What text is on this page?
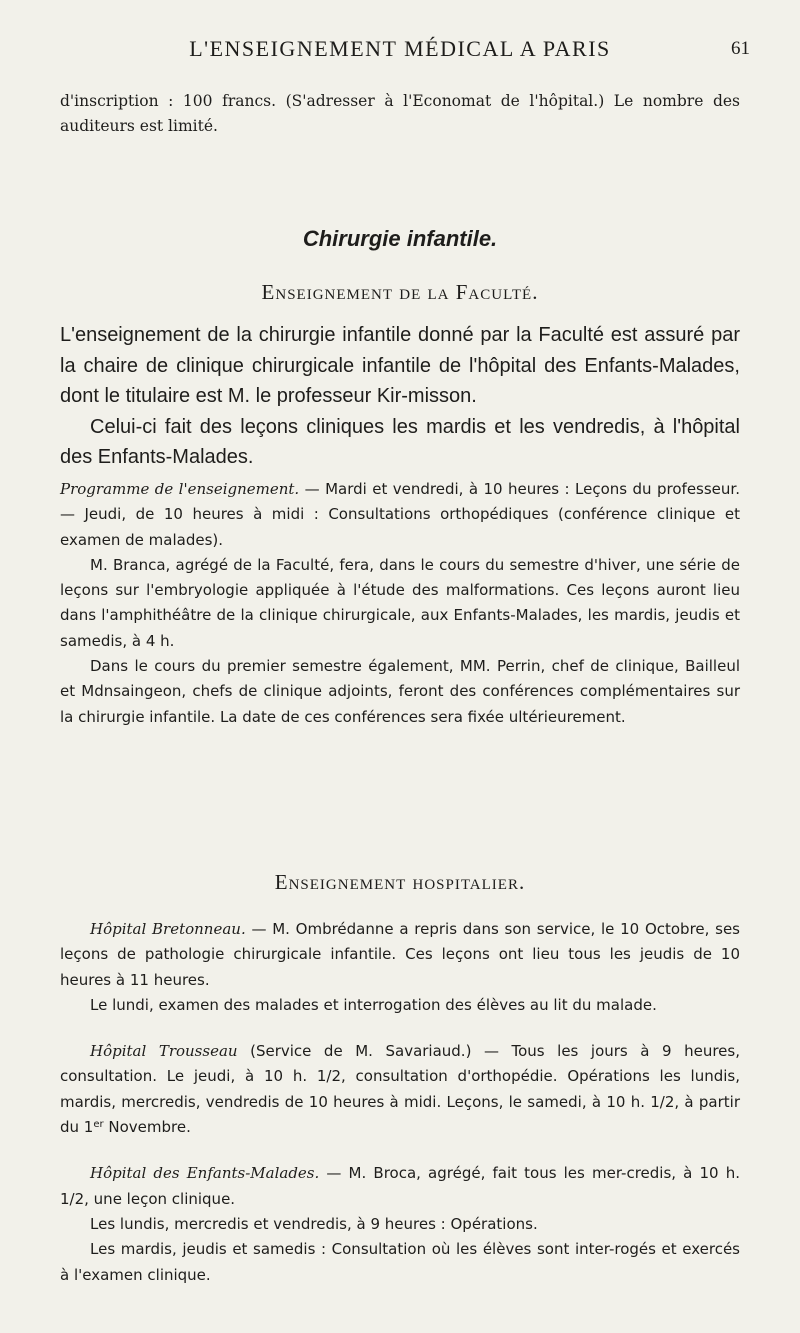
L'ENSEIGNEMENT MÉDICAL A PARIS	61
d'inscription : 100 francs. (S'adresser à l'Economat de l'hôpital.) Le nombre des auditeurs est limité.
Chirurgie infantile.
Enseignement de la Faculté.

L'enseignement de la chirurgie infantile donné par la Faculté est assuré par la chaire de clinique chirurgicale infantile de l'hôpital des Enfants-Malades, dont le titulaire est M. le professeur Kir-misson.

Celui-ci fait des leçons cliniques les mardis et les vendredis, à l'hôpital des Enfants-Malades.

Programme de l'enseignement. — Mardi et vendredi, à 10 heures : Leçons du professeur. — Jeudi, de 10 heures à midi : Consultations orthopédiques (conférence clinique et examen de malades).

M. Branca, agrégé de la Faculté, fera, dans le cours du semestre d'hiver, une série de leçons sur l'embryologie appliquée à l'étude des malformations. Ces leçons auront lieu dans l'amphithéâtre de la clinique chirurgicale, aux Enfants-Malades, les mardis, jeudis et samedis, à 4 h.

Dans le cours du premier semestre également, MM. Perrin, chef de clinique, Bailleul et Mdnsaingeon, chefs de clinique adjoints, feront des conférences complémentaires sur la chirurgie infantile. La date de ces conférences sera fixée ultérieurement.

Enseignement hospitalier.

Hôpital Bretonneau. — M. Ombrédanne a repris dans son service, le 10 Octobre, ses leçons de pathologie chirurgicale infantile. Ces leçons ont lieu tous les jeudis de 10 heures à 11 heures.

Le lundi, examen des malades et interrogation des élèves au lit du malade.

Hôpital Trousseau (Service de M. Savariaud.) — Tous les jours à 9 heures, consultation. Le jeudi, à 10 h. 1/2, consultation d'orthopédie. Opérations les lundis, mardis, mercredis, vendredis de 10 heures à midi. Leçons, le samedi, à 10 h. 1/2, à partir du 1er Novembre.

Hôpital des Enfants-Malades. — M. Broca, agrégé, fait tous les mer-credis, à 10 h. 1/2, une leçon clinique.

Les lundis, mercredis et vendredis, à 9 heures : Opérations.

Les mardis, jeudis et samedis : Consultation où les élèves sont inter-rogés et exercés à l'examen clinique.
